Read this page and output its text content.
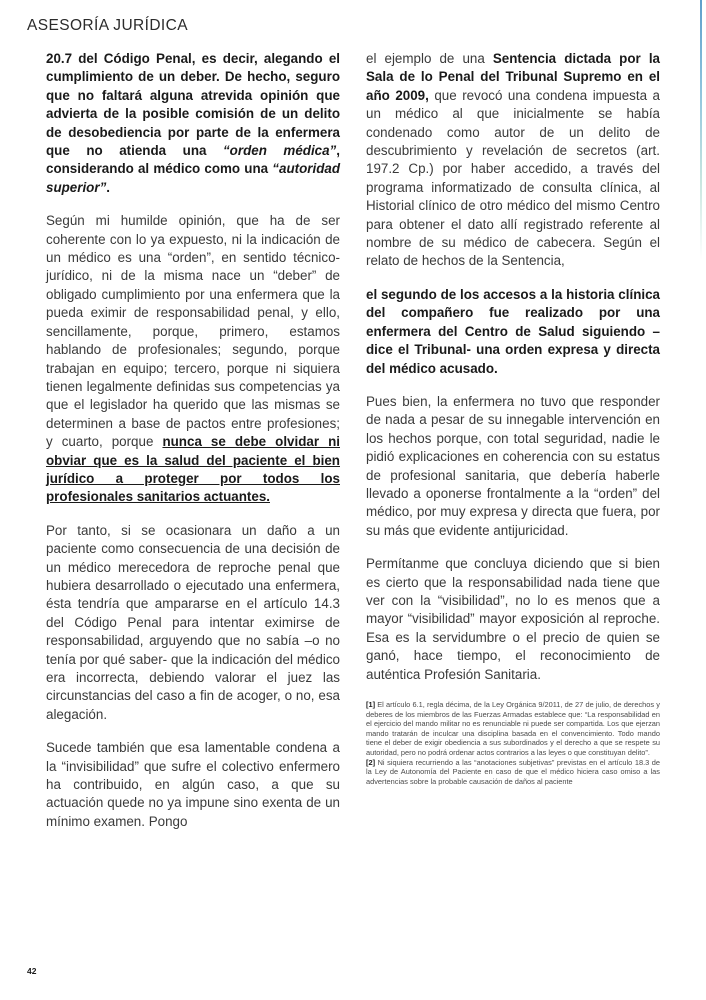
ASESORÍA JURÍDICA

20.7 del Código Penal, es decir, alegando el cumplimiento de un deber. De hecho, seguro que no faltará alguna atrevida opinión que advierta de la posible comisión de un delito de desobediencia por parte de la enfermera que no atienda una “orden médica”, considerando al médico como una “autoridad superior”.

Según mi humilde opinión, que ha de ser coherente con lo ya expuesto, ni la indicación de un médico es una “orden”, en sentido técnico-jurídico, ni de la misma nace un “deber” de obligado cumplimiento por una enfermera que la pueda eximir de responsabilidad penal, y ello, sencillamente, porque, primero, estamos hablando de profesionales; segundo, porque trabajan en equipo; tercero, porque ni siquiera tienen legalmente definidas sus competencias ya que el legislador ha querido que las mismas se determinen a base de pactos entre profesiones; y cuarto, porque nunca se debe olvidar ni obviar que es la salud del paciente el bien jurídico a proteger por todos los profesionales sanitarios actuantes.

Por tanto, si se ocasionara un daño a un paciente como consecuencia de una decisión de un médico merecedora de reproche penal que hubiera desarrollado o ejecutado una enfermera, ésta tendría que ampararse en el artículo 14.3 del Código Penal para intentar eximirse de responsabilidad, arguyendo que no sabía –o no tenía por qué saber- que la indicación del médico era incorrecta, debiendo valorar el juez las circunstancias del caso a fin de acoger, o no, esa alegación.

Sucede también que esa lamentable condena a la “invisibilidad” que sufre el colectivo enfermero ha contribuido, en algún caso, a que su actuación quede no ya impune sino exenta de un mínimo examen. Pongo

el ejemplo de una Sentencia dictada por la Sala de lo Penal del Tribunal Supremo en el año 2009, que revocó una condena impuesta a un médico al que inicialmente se había condenado como autor de un delito de descubrimiento y revelación de secretos (art. 197.2 Cp.) por haber accedido, a través del programa informatizado de consulta clínica, al Historial clínico de otro médico del mismo Centro para obtener el dato allí registrado referente al nombre de su médico de cabecera. Según el relato de hechos de la Sentencia,

el segundo de los accesos a la historia clínica del compañero fue realizado por una enfermera del Centro de Salud siguiendo –dice el Tribunal- una orden expresa y directa del médico acusado.

Pues bien, la enfermera no tuvo que responder de nada a pesar de su innegable intervención en los hechos porque, con total seguridad, nadie le pidió explicaciones en coherencia con su estatus de profesional sanitaria, que debería haberle llevado a oponerse frontalmente a la “orden” del médico, por muy expresa y directa que fuera, por su más que evidente antijuricidad.

Permítanme que concluya diciendo que si bien es cierto que la responsabilidad nada tiene que ver con la “visibilidad”, no lo es menos que a mayor “visibilidad” mayor exposición al reproche. Esa es la servidumbre o el precio de quien se ganó, hace tiempo, el reconocimiento de auténtica Profesión Sanitaria.

[1] El artículo 6.1, regla décima, de la Ley Orgánica 9/2011, de 27 de julio, de derechos y deberes de los miembros de las Fuerzas Armadas establece que: “La responsabilidad en el ejercicio del mando militar no es renunciable ni puede ser compartida. Los que ejerzan mando tratarán de inculcar una disciplina basada en el convencimiento. Todo mando tiene el deber de exigir obediencia a sus subordinados y el derecho a que se respete su autoridad, pero no podrá ordenar actos contrarios a las leyes o que constituyan delito”.

[2] Ni siquiera recurriendo a las “anotaciones subjetivas” previstas en el artículo 18.3 de la Ley de Autonomía del Paciente en caso de que el médico hiciera caso omiso a las advertencias sobre la probable causación de daños al paciente

42
